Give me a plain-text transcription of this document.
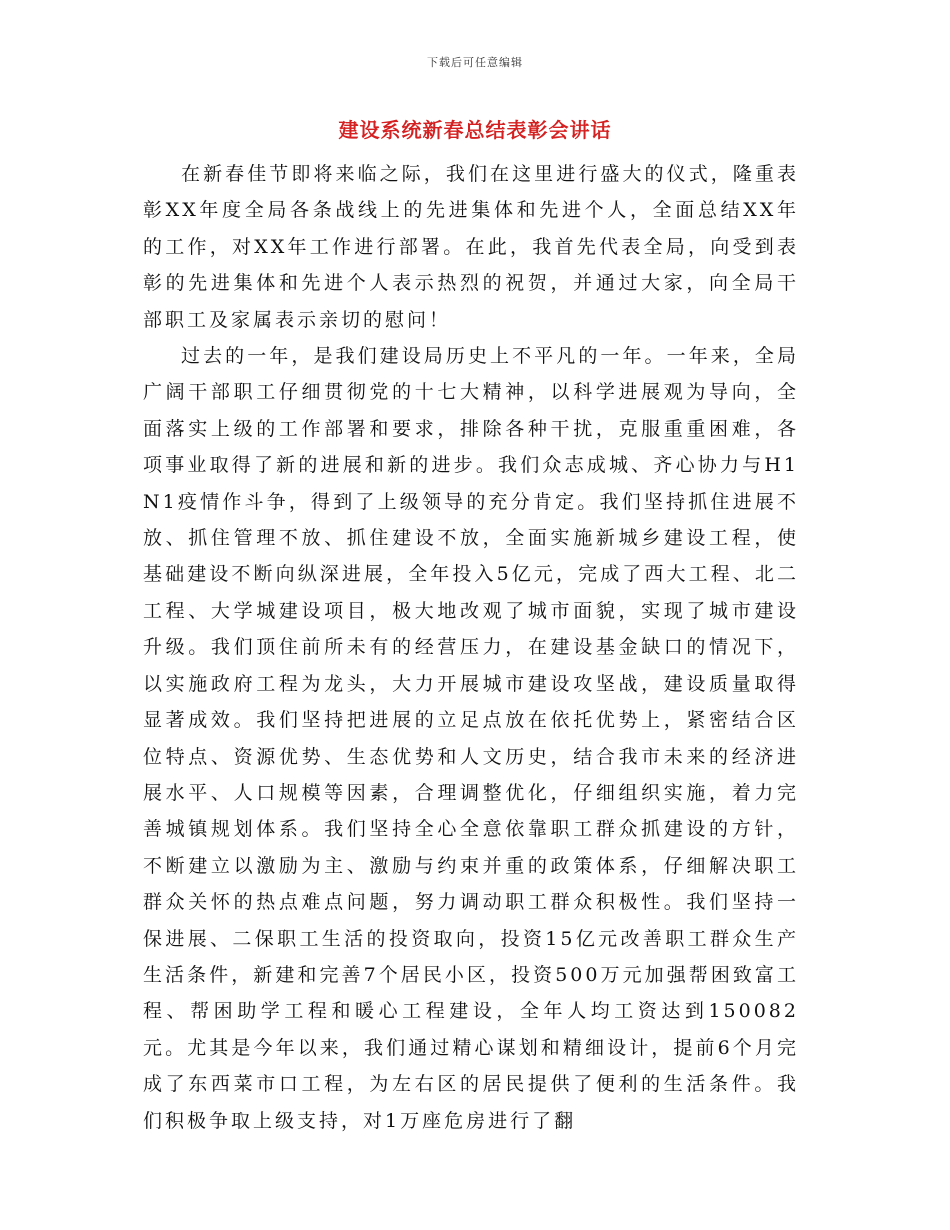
下载后可任意编辑
建设系统新春总结表彰会讲话

在新春佳节即将来临之际，我们在这里进行盛大的仪式，隆重表彰XX年度全局各条战线上的先进集体和先进个人，全面总结XX年的工作，对XX年工作进行部署。在此，我首先代表全局，向受到表彰的先进集体和先进个人表示热烈的祝贺，并通过大家，向全局干部职工及家属表示亲切的慰问！

过去的一年，是我们建设局历史上不平凡的一年。一年来，全局广阔干部职工仔细贯彻党的十七大精神，以科学进展观为导向，全面落实上级的工作部署和要求，排除各种干扰，克服重重困难，各项事业取得了新的进展和新的进步。我们众志成城、齐心协力与H1N1疫情作斗争，得到了上级领导的充分肯定。我们坚持抓住进展不放、抓住管理不放、抓住建设不放，全面实施新城乡建设工程，使基础建设不断向纵深进展，全年投入5亿元，完成了西大工程、北二工程、大学城建设项目，极大地改观了城市面貌，实现了城市建设升级。我们顶住前所未有的经营压力，在建设基金缺口的情况下，以实施政府工程为龙头，大力开展城市建设攻坚战，建设质量取得显著成效。我们坚持把进展的立足点放在依托优势上，紧密结合区位特点、资源优势、生态优势和人文历史，结合我市未来的经济进展水平、人口规模等因素，合理调整优化，仔细组织实施，着力完善城镇规划体系。我们坚持全心全意依靠职工群众抓建设的方针，不断建立以激励为主、激励与约束并重的政策体系，仔细解决职工群众关怀的热点难点问题，努力调动职工群众积极性。我们坚持一保进展、二保职工生活的投资取向，投资15亿元改善职工群众生产生活条件，新建和完善7个居民小区，投资500万元加强帮困致富工程、帮困助学工程和暖心工程建设，全年人均工资达到150082元。尤其是今年以来，我们通过精心谋划和精细设计，提前6个月完成了东西菜市口工程，为左右区的居民提供了便利的生活条件。我们积极争取上级支持，对1万座危房进行了翻
